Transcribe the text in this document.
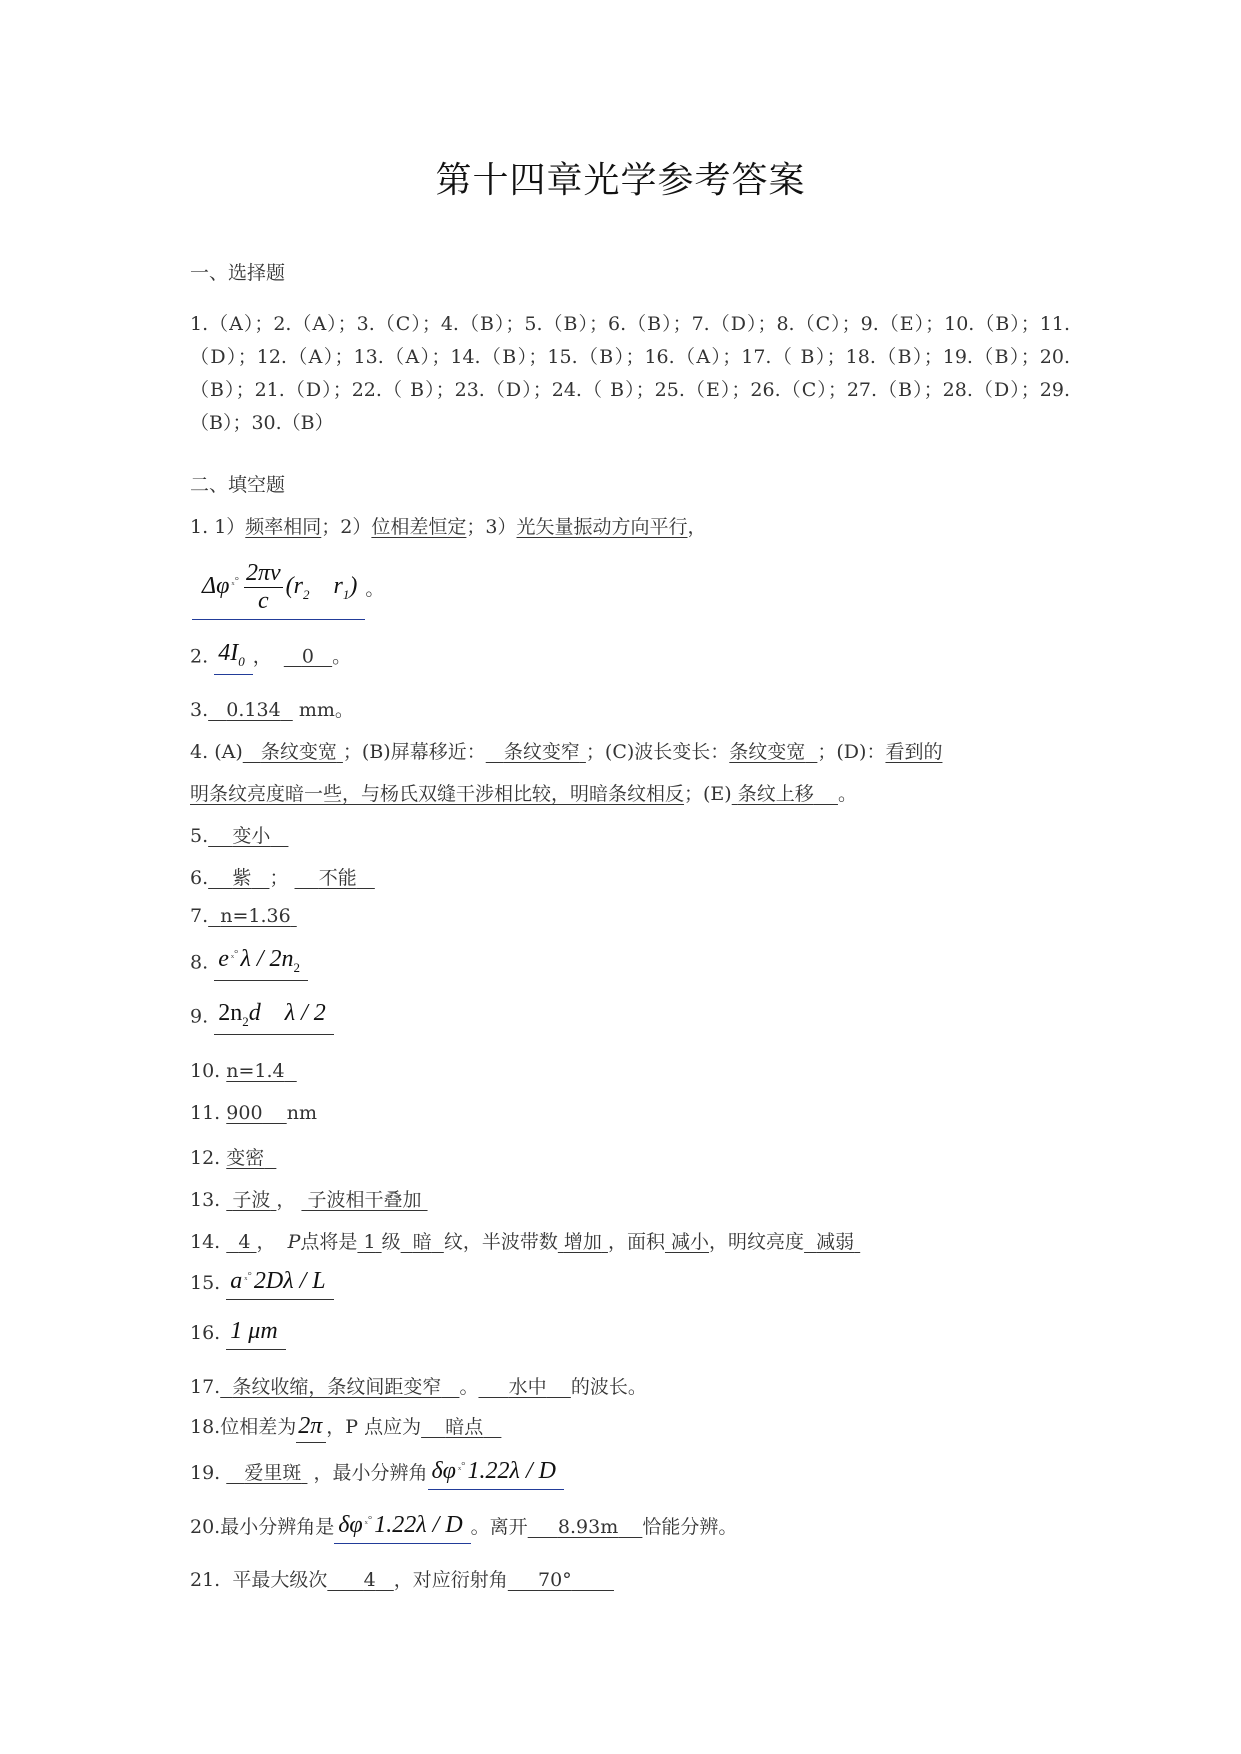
第十四章光学参考答案
一、选择题
1.（A）；2.（A）；3.（C）；4.（B）；5.（B）；6.（B）；7.（D）；8.（C）；9.（E）；10.（B）；11.（D）；12.（A）；13.（A）；14.（B）；15.（B）；16.（A）；17.（ B）；18.（B）；19.（B）；20.（B）；21.（D）；22.（ B）；23.（D）；24.（ B）；25.（E）；26.（C）；27.（B）；28.（D）；29.（B）；30.（B）
二、填空题
1. 1）频率相同；2）位相差恒定；3）光矢量振动方向平行，
Δφ $^{_x^\circ} \frac{2\pi\nu}{c} (r_2$ $r_1$)。
2. $4I_0$ ， 0 。
3. 0.134 mm。
4. (A) 条纹变宽 ；(B)屏幕移近： 条纹变窄 ；(C)波长变长：条纹变宽 ；(D)：看到的
明条纹亮度暗一些，与杨氏双缝干涉相比较，明暗条纹相反；(E) 条纹上移 。
5. 变小
6. 紫 ； 不能
7. n=1.36
8. e $^{_x^\circ}\lambda / 2n_2$
9. $2n_2d$ λ / 2
10. n=1.4
11. 900 nm
12. 变密
13. 子波 ， 子波相干叠加
14. 4 ， P点将是 1 级 暗 纹，半波带数 增加 ，面积 减小，明纹亮度 减弱
15. a $^{_x^\circ}$2Dλ / L
16. 1 μm
17. 条纹收缩，条纹间距变窄 。 水中 的波长。
18.位相差为2π ，P 点应为 暗点
19. 爱里斑 ，最小分辨角 δφ $^{_x^\circ}$1.22λ / D
20.最小分辨角是 δφ $^{_x^\circ}$1.22λ / D 。离开 8.93m 恰能分辨。
21. 平最大级次 4 ，对应衍射角 70°
